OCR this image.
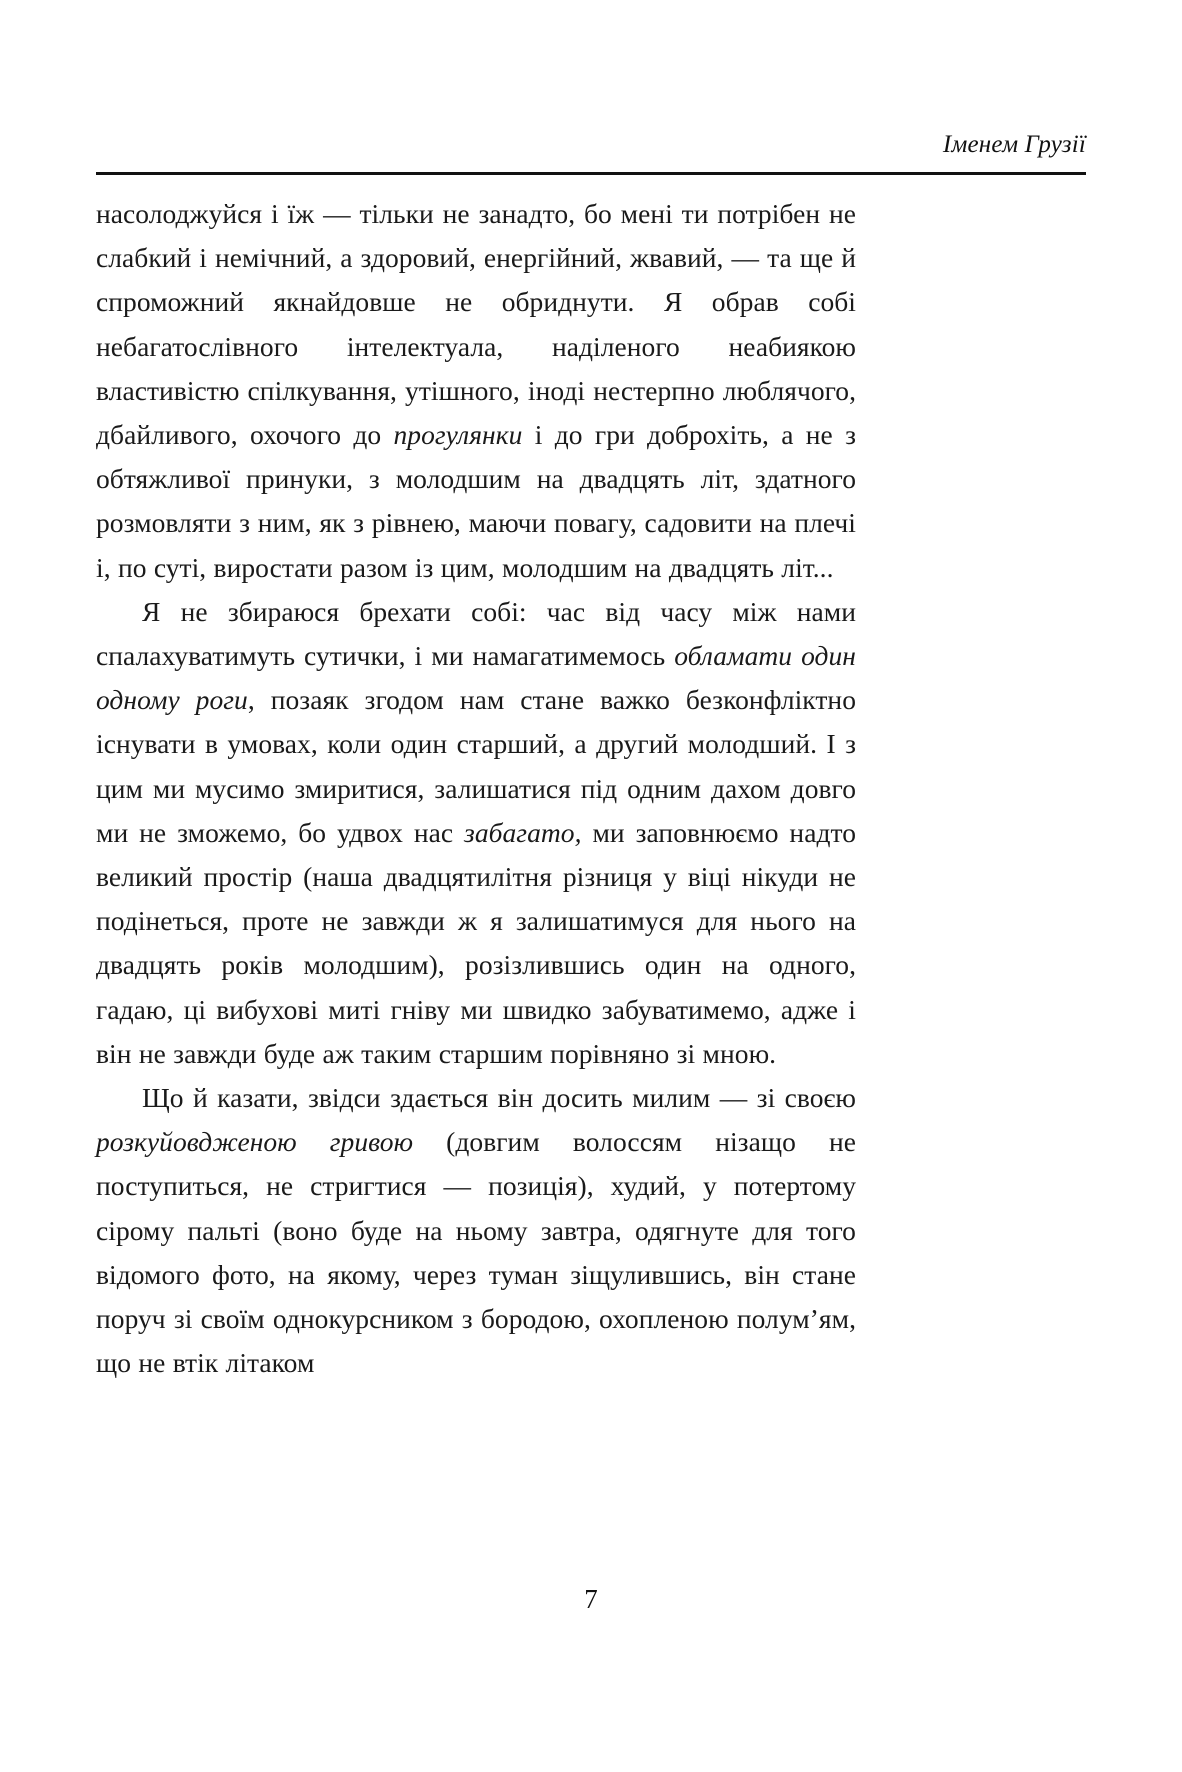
Іменем Грузії

насолоджуйся і їж — тільки не занадто, бо мені ти потрібен не слабкий і немічний, а здоровий, енергійний, жвавий, — та ще й спроможний якнайдовше не обриднути. Я обрав собі небагатослівного інтелектуала, наділеного неабиякою властивістю спілкування, утішного, іноді нестерпно люблячого, дбайливого, охочого до прогулянки і до гри доброхіть, а не з обтяжливої принуки, з молодшим на двадцять літ, здатного розмовляти з ним, як з рівнею, маючи повагу, садовити на плечі і, по суті, виростати разом із цим, молодшим на двадцять літ...

Я не збираюся брехати собі: час від часу між нами спалахуватимуть сутички, і ми намагатимемось обламати один одному роги, позаяк згодом нам стане важко безконфліктно існувати в умовах, коли один старший, а другий молодший. І з цим ми мусимо змиритися, залишатися під одним дахом довго ми не зможемо, бо удвох нас забагато, ми заповнюємо надто великий простір (наша двадцятилітня різниця у віці нікуди не подінеться, проте не завжди ж я залишатимуся для нього на двадцять років молодшим), розізлившись один на одного, гадаю, ці вибухові миті гніву ми швидко забуватимемо, адже і він не завжди буде аж таким старшим порівняно зі мною.

Що й казати, звідси здається він досить милим — зі своєю розкуйовдженою гривою (довгим волоссям нізащо не поступиться, не стригтися — позиція), худий, у потертому сірому пальті (воно буде на ньому завтра, одягнуте для того відомого фото, на якому, через туман зіщулившись, він стане поруч зі своїм однокурсником з бородою, охопленою полум’ям, що не втік літаком

7
